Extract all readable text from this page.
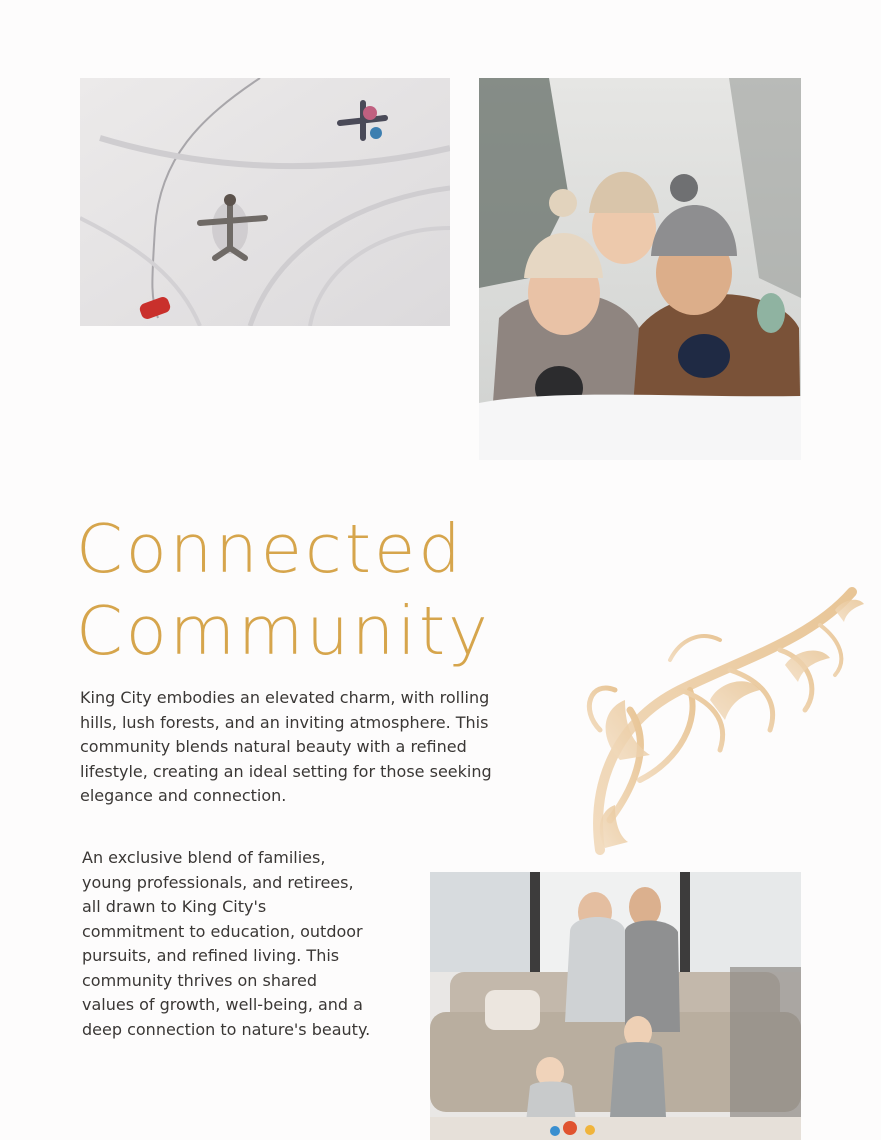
Connected
Community

King City embodies an elevated charm, with rolling hills, lush forests, and an inviting atmosphere. This community blends natural beauty with a refined lifestyle, creating an ideal setting for those seeking elegance and connection.

An exclusive blend of families, young professionals, and retirees, all drawn to King City's commitment to education, outdoor pursuits, and refined living. This community thrives on shared values of growth, well-being, and a deep connection to nature's beauty.
